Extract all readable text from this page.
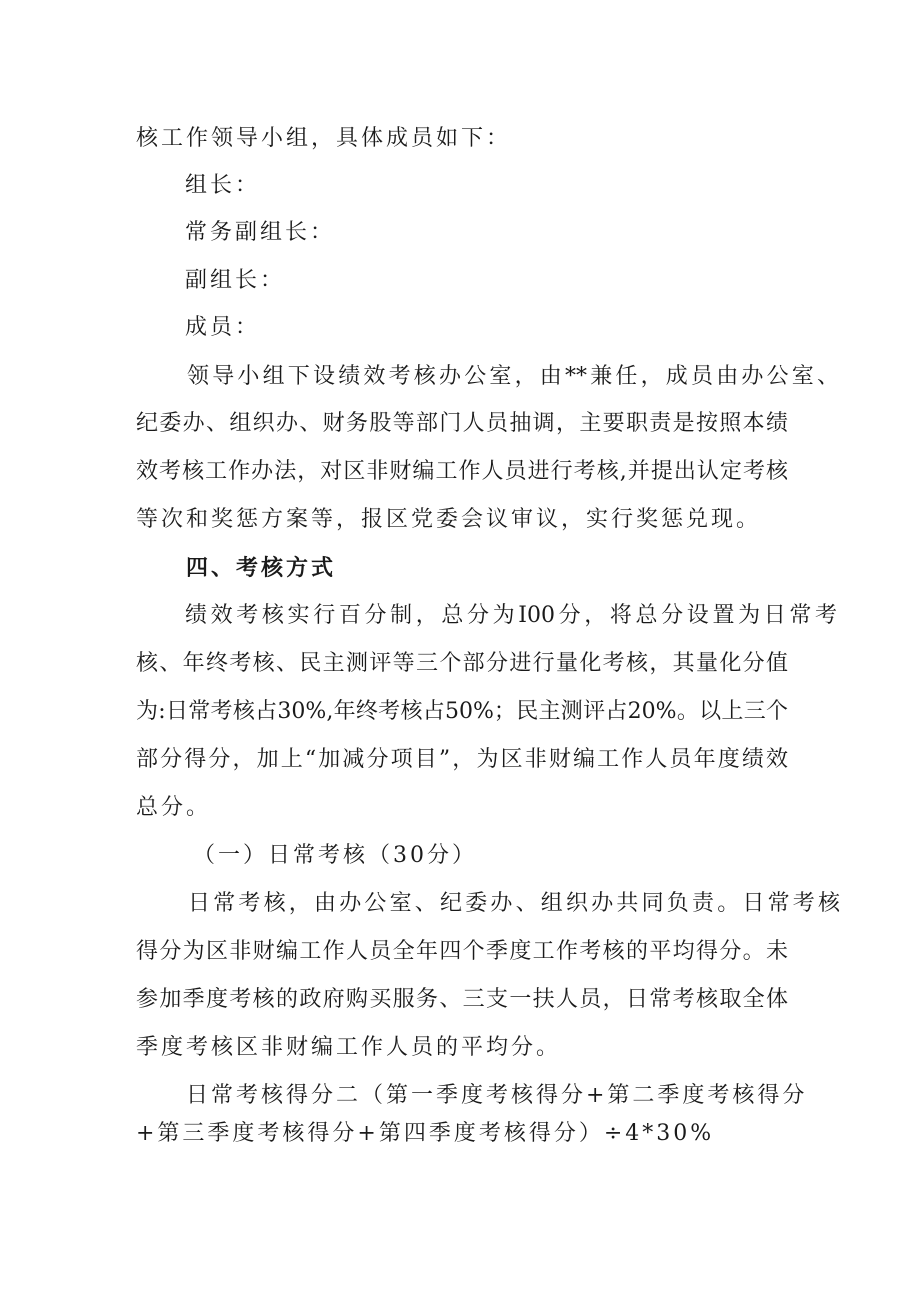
核工作领导小组，具体成员如下：
组长：
常务副组长：
副组长：
成员：
领导小组下设绩效考核办公室，由**兼任，成员由办公室、
纪委办、组织办、财务股等部门人员抽调，主要职责是按照本绩
效考核工作办法，对区非财编工作人员进行考核,并提出认定考核
等次和奖惩方案等，报区党委会议审议，实行奖惩兑现。
四、考核方式
绩效考核实行百分制，总分为I00分，将总分设置为日常考
核、年终考核、民主测评等三个部分进行量化考核，其量化分值
为:日常考核占30%,年终考核占50%；民主测评占20%。以上三个
部分得分，加上“加减分项目”，为区非财编工作人员年度绩效
总分。
（一）日常考核（30分）
日常考核，由办公室、纪委办、组织办共同负责。日常考核
得分为区非财编工作人员全年四个季度工作考核的平均得分。未
参加季度考核的政府购买服务、三支一扶人员，日常考核取全体
季度考核区非财编工作人员的平均分。
日常考核得分二（第一季度考核得分+第二季度考核得分
+第三季度考核得分+第四季度考核得分）÷4*30%
